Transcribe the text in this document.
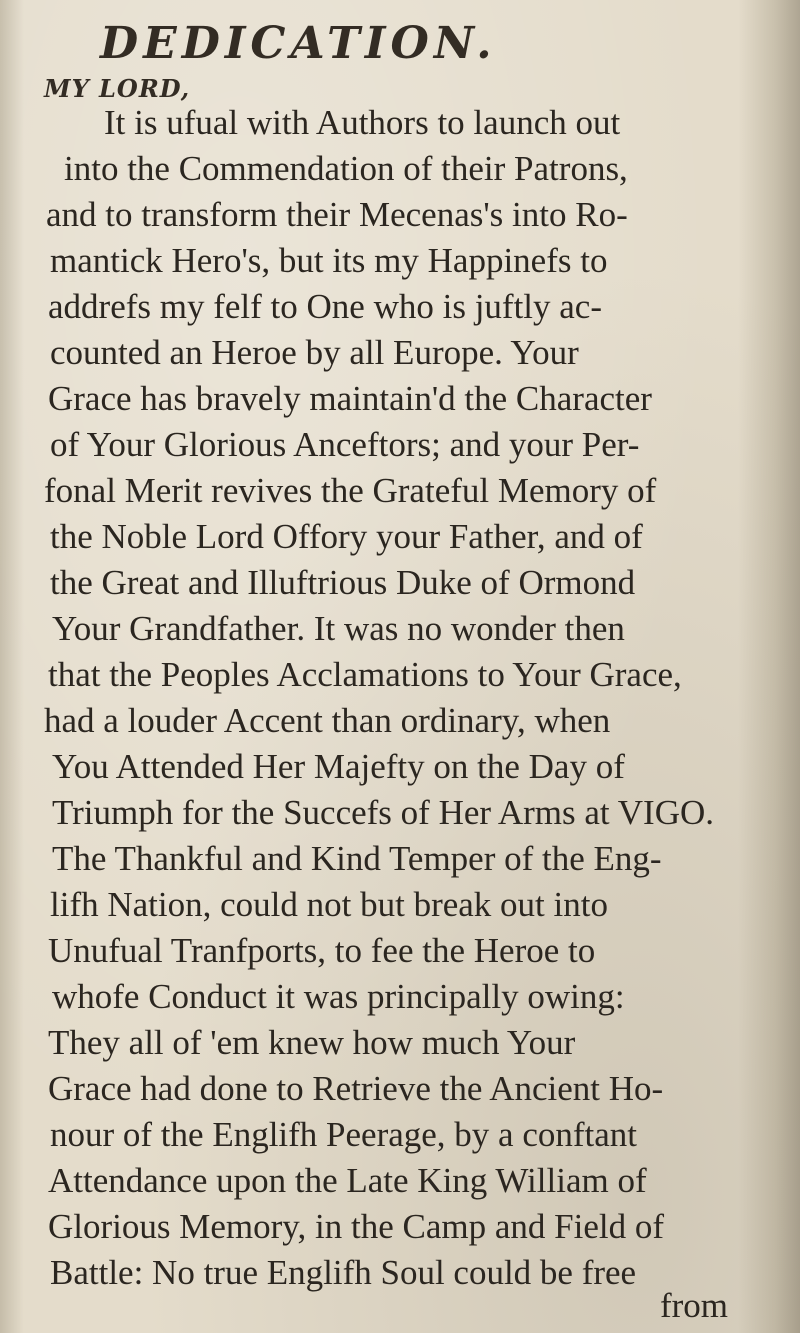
DEDICATION.
MY LORD,
It is ufual with Authors to launch out
into the Commendation of their Patrons,
and to transform their Mecenas's into Ro-
mantick Hero's, but its my Happinefs to
addrefs my felf to One who is juftly ac-
counted an Heroe by all Europe. Your
Grace has bravely maintain'd the Character
of Your Glorious Anceftors; and your Per-
fonal Merit revives the Grateful Memory of
the Noble Lord Offory your Father, and of
the Great and Illuftrious Duke of Ormond
Your Grandfather. It was no wonder then
that the Peoples Acclamations to Your Grace,
had a louder Accent than ordinary, when
You Attended Her Majefty on the Day of
Triumph for the Succefs of Her Arms at VIGO.
The Thankful and Kind Temper of the Eng-
lifh Nation, could not but break out into
Unufual Tranfports, to fee the Heroe to
whofe Conduct it was principally owing:
They all of 'em knew how much Your
Grace had done to Retrieve the Ancient Ho-
nour of the Englifh Peerage, by a conftant
Attendance upon the Late King William of
Glorious Memory, in the Camp and Field of
Battle: No true Englifh Soul could be free
from
